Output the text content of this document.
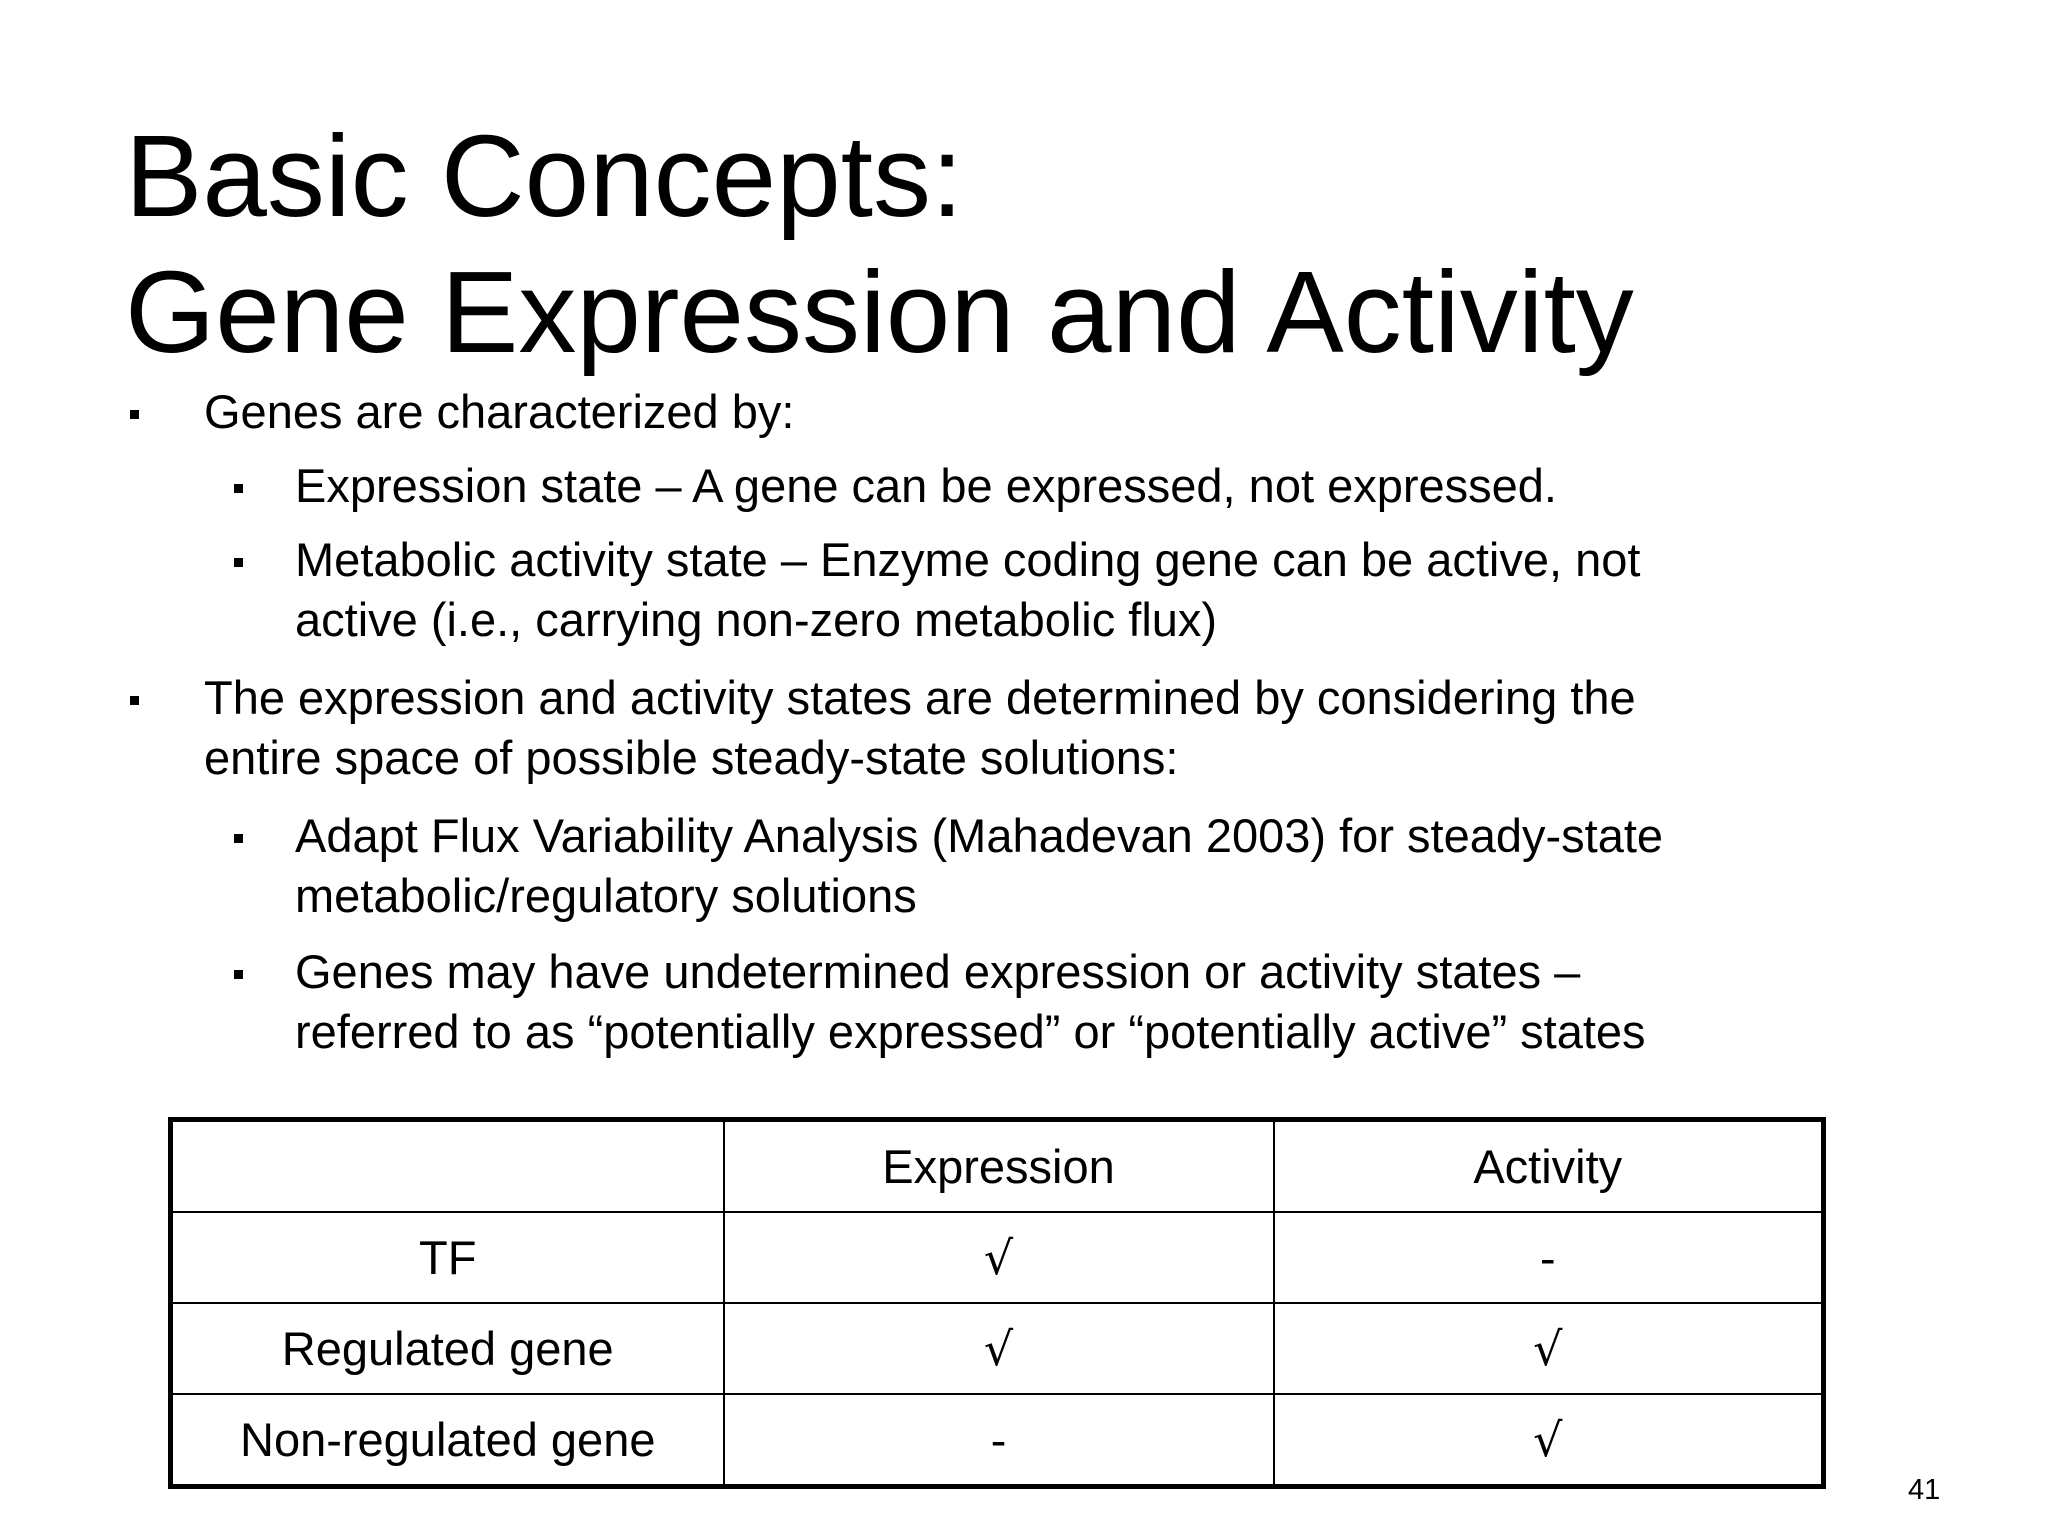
Basic Concepts:
Gene Expression and Activity
Genes are characterized by:
Expression state – A gene can be expressed, not expressed.
Metabolic activity state – Enzyme coding gene can be active, not
active (i.e., carrying non-zero metabolic flux)
The expression and activity states are determined by considering the
entire space of possible steady-state solutions:
Adapt Flux Variability Analysis (Mahadevan 2003) for steady-state
metabolic/regulatory solutions
Genes may have undetermined expression or activity states –
referred to as “potentially expressed” or “potentially active” states
	Expression	Activity
TF	√	-
Regulated gene	√	√
Non-regulated gene	-	√
41
